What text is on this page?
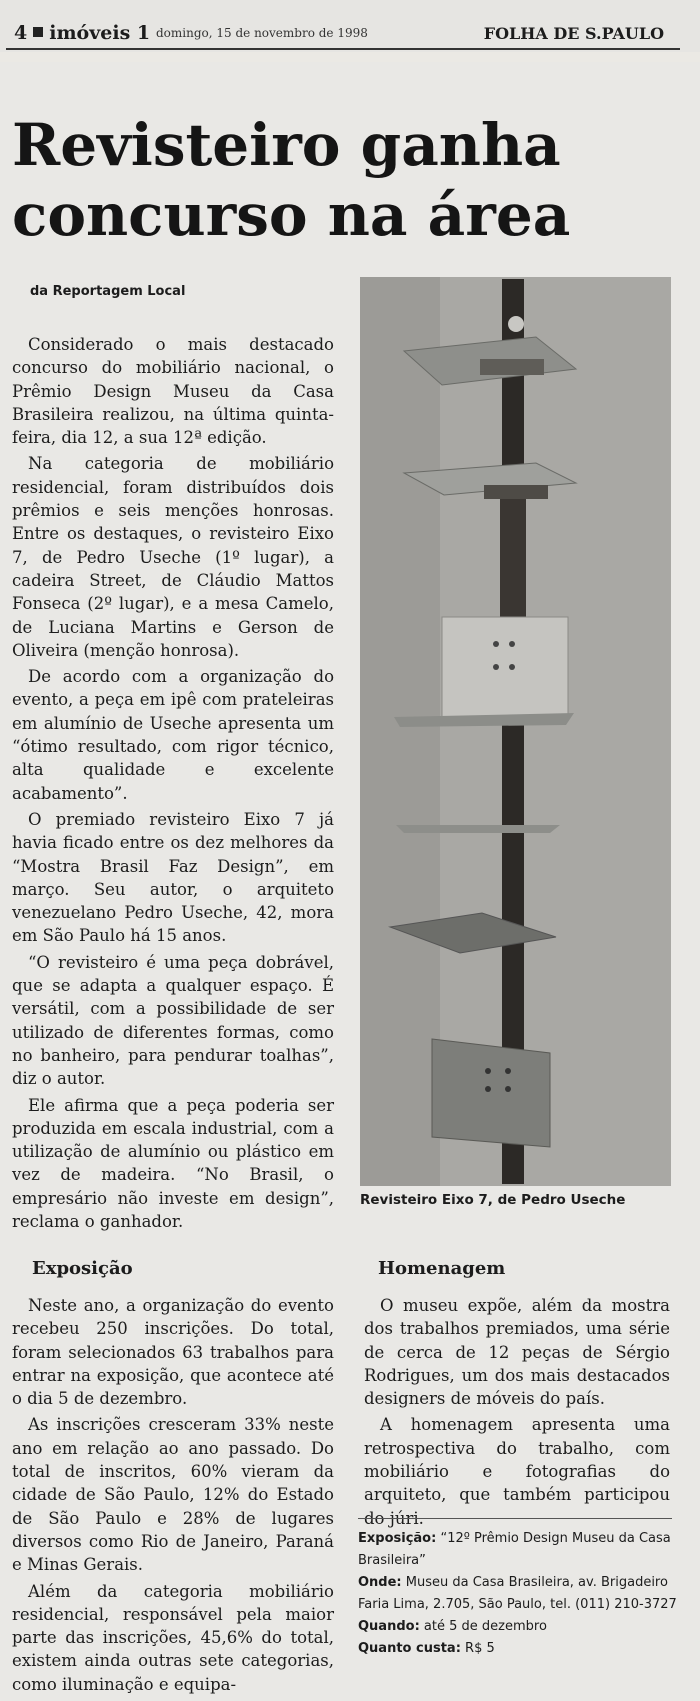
4 imóveis 1 domingo, 15 de novembro de 1998	FOLHA DE S.PAULO
Revisteiro ganha concurso na área
da Reportagem Local

Considerado o mais destacado concurso do mobiliário nacional, o Prêmio Design Museu da Casa Brasileira realizou, na última quinta-feira, dia 12, a sua 12ª edição.

Na categoria de mobiliário residencial, foram distribuídos dois prêmios e seis menções honrosas. Entre os destaques, o revisteiro Eixo 7, de Pedro Useche (1º lugar), a cadeira Street, de Cláudio Mattos Fonseca (2º lugar), e a mesa Camelo, de Luciana Martins e Gerson de Oliveira (menção honrosa).

De acordo com a organização do evento, a peça em ipê com prateleiras em alumínio de Useche apresenta um “ótimo resultado, com rigor técnico, alta qualidade e excelente acabamento”.

O premiado revisteiro Eixo 7 já havia ficado entre os dez melhores da “Mostra Brasil Faz Design”, em março. Seu autor, o arquiteto venezuelano Pedro Useche, 42, mora em São Paulo há 15 anos.

“O revisteiro é uma peça dobrável, que se adapta a qualquer espaço. É versátil, com a possibilidade de ser utilizado de diferentes formas, como no banheiro, para pendurar toalhas”, diz o autor.

Ele afirma que a peça poderia ser produzida em escala industrial, com a utilização de alumínio ou plástico em vez de madeira. “No Brasil, o empresário não investe em design”, reclama o ganhador.

Revisteiro Eixo 7, de Pedro Useche
Exposição

Neste ano, a organização do evento recebeu 250 inscrições. Do total, foram selecionados 63 trabalhos para entrar na exposição, que acontece até o dia 5 de dezembro.

As inscrições cresceram 33% neste ano em relação ao ano passado. Do total de inscritos, 60% vieram da cidade de São Paulo, 12% do Estado de São Paulo e 28% de lugares diversos como Rio de Janeiro, Paraná e Minas Gerais.

Além da categoria mobiliário residencial, responsável pela maior parte das inscrições, 45,6% do total, existem ainda outras sete categorias, como iluminação e equipa-

Homenagem

O museu expõe, além da mostra dos trabalhos premiados, uma série de cerca de 12 peças de Sérgio Rodrigues, um dos mais destacados designers de móveis do país.

A homenagem apresenta uma retrospectiva do trabalho, com mobiliário e fotografias do arquiteto, que também participou do júri.

Exposição: “12º Prêmio Design Museu da Casa Brasileira”
Onde: Museu da Casa Brasileira, av. Brigadeiro Faria Lima, 2.705, São Paulo, tel. (011) 210-3727
Quando: até 5 de dezembro
Quanto custa: R$ 5
